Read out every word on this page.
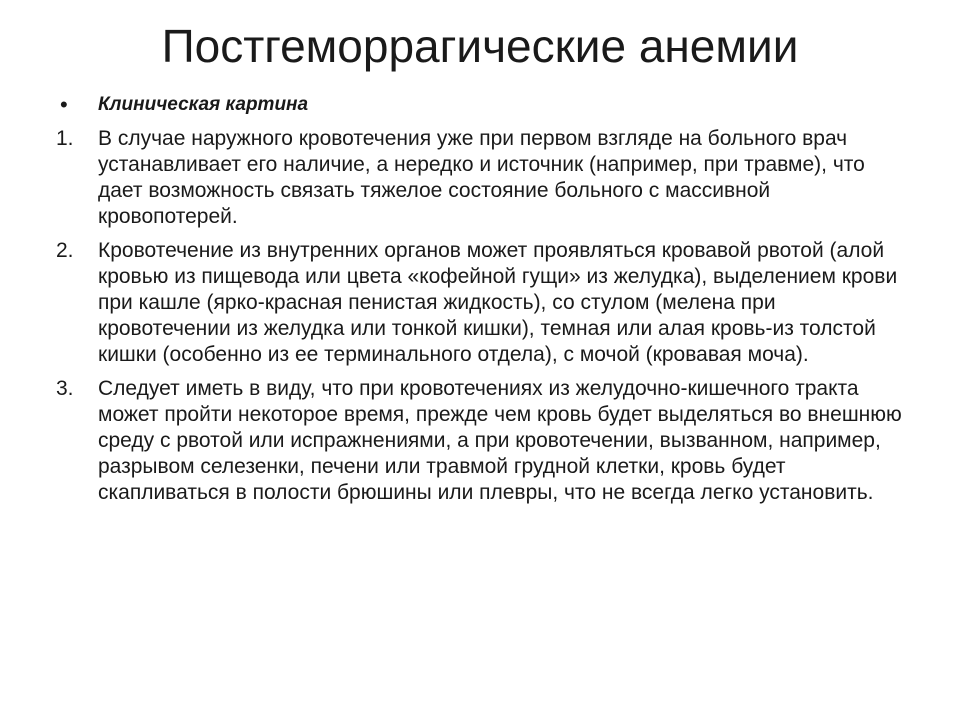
Постгеморрагические анемии
•	Клиническая картина
1.	В случае наружного кровотечения уже при первом взгляде на больного врач устанавливает его наличие, а нередко и источник (например, при травме), что дает возможность связать тяжелое состояние больного с массивной кровопотерей.
2.	Кровотечение из внутренних органов может проявляться кровавой рвотой (алой кровью из пищевода или цвета «кофейной гущи» из желудка), выделением крови при кашле (ярко-красная пенистая жидкость), со стулом (мелена при кровотечении из желудка или тонкой кишки), темная или алая кровь-из толстой кишки (особенно из ее терминального отдела), с мочой (кровавая моча).
3.	Следует иметь в виду, что при кровотечениях из желудочно-кишечного тракта может пройти некоторое время, прежде чем кровь будет выделяться во внешнюю среду с рвотой или испражнениями, а при кровотечении, вызванном, например, разрывом селезенки, печени или травмой грудной клетки, кровь будет скапливаться в полости брюшины или плевры, что не всегда легко установить.
